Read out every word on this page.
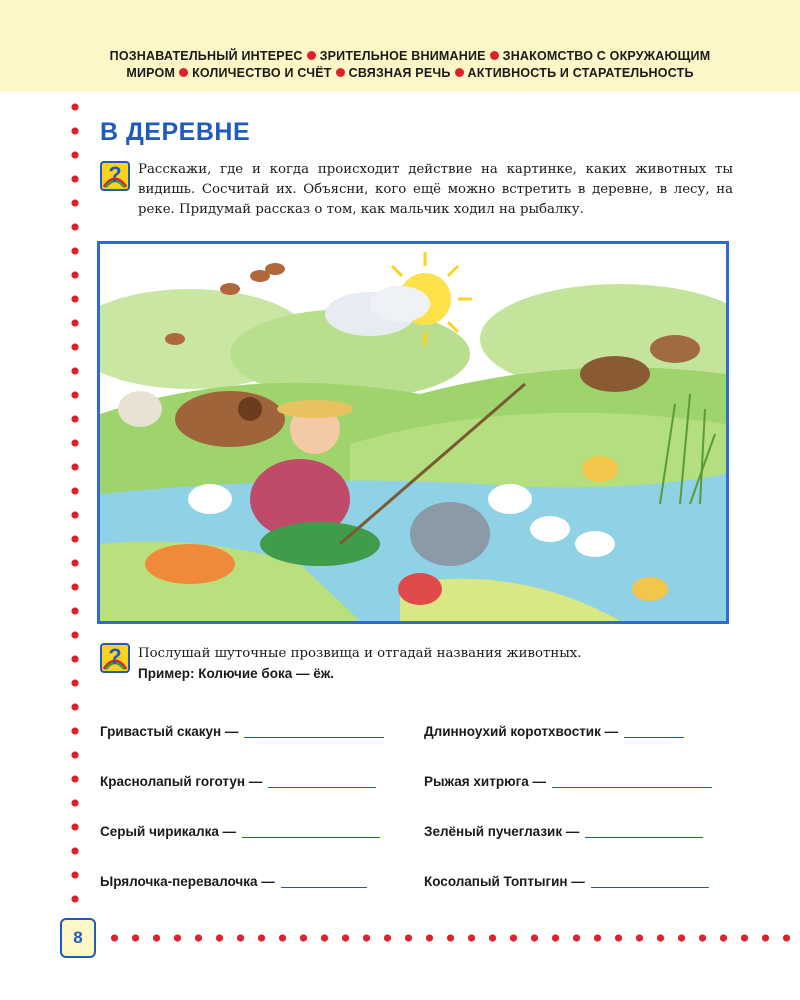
ПОЗНАВАТЕЛЬНЫЙ ИНТЕРЕС ЗРИТЕЛЬНОЕ ВНИМАНИЕ ЗНАКОМСТВО С ОКРУЖАЮЩИМ
МИРОМ КОЛИЧЕСТВО И СЧЁТ СВЯЗНАЯ РЕЧЬ АКТИВНОСТЬ И СТАРАТЕЛЬНОСТЬ
8
В ДЕРЕВНЕ
? Расскажи, где и когда происходит действие на картинке, каких животных ты видишь. Сосчитай их. Объясни, кого ещё можно встретить в деревне, в лесу, на реке. Придумай рассказ о том, как мальчик ходил на рыбалку.
? Послушай шуточные прозвища и отгадай названия животных.
Пример: Колючие бока — ёж.
Гривастый скакун —	Длинноухий коротхвостик —
Краснолапый гоготун —	Рыжая хитрюга —
Серый чирикалка —	Зелёный пучеглазик —
Ырялочка-перевалочка —	Косолапый Топтыгин —
